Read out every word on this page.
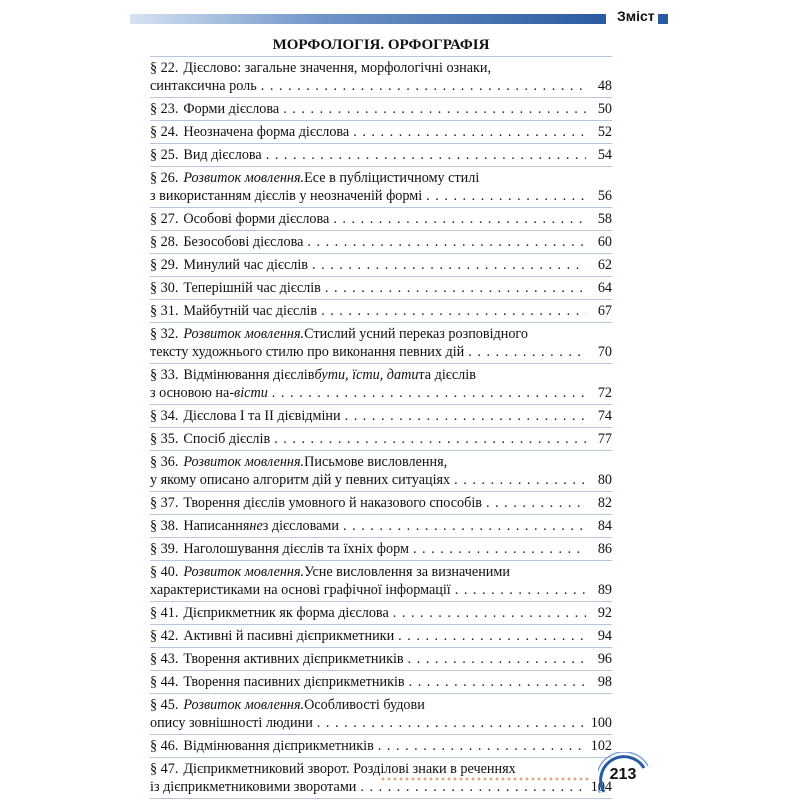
Зміст
МОРФОЛОГІЯ. ОРФОГРАФІЯ
§ 22. Дієслово: загальне значення, морфологічні ознаки,
синтаксична роль . . .	48
§ 23. Форми дієслова . . .	50
§ 24. Неозначена форма дієслова . . .	52
§ 25. Вид дієслова . . .	54
§ 26. Розвиток мовлення. Есе в публіцистичному стилі
з використанням дієслів у неозначеній формі . . .	56
§ 27. Особові форми дієслова . . .	58
§ 28. Безособові дієслова . . .	60
§ 29. Минулий час дієслів . . .	62
§ 30. Теперішній час дієслів . . .	64
§ 31. Майбутній час дієслів . . .	67
§ 32. Розвиток мовлення. Стислий усний переказ розповідного
тексту художнього стилю про виконання певних дій . . .	70
§ 33. Відмінювання дієслів бути, їсти, дати та дієслів
з основою на -вісти . . .	72
§ 34. Дієслова I та II дієвідміни . . .	74
§ 35. Спосіб дієслів . . .	77
§ 36. Розвиток мовлення. Письмове висловлення,
у якому описано алгоритм дій у певних ситуаціях . . .	80
§ 37. Творення дієслів умовного й наказового способів . . .	82
§ 38. Написання не з дієсловами . . .	84
§ 39. Наголошування дієслів та їхніх форм . . .	86
§ 40. Розвиток мовлення. Усне висловлення за визначеними
характеристиками на основі графічної інформації . . .	89
§ 41. Дієприкметник як форма дієслова . . .	92
§ 42. Активні й пасивні дієприкметники . . .	94
§ 43. Творення активних дієприкметників . . .	96
§ 44. Творення пасивних дієприкметників . . .	98
§ 45. Розвиток мовлення. Особливості будови
опису зовнішності людини . . .	100
§ 46. Відмінювання дієприкметників . . .	102
§ 47. Дієприкметниковий зворот. Розділові знаки в реченнях
із дієприкметниковими зворотами . . .	104
213
